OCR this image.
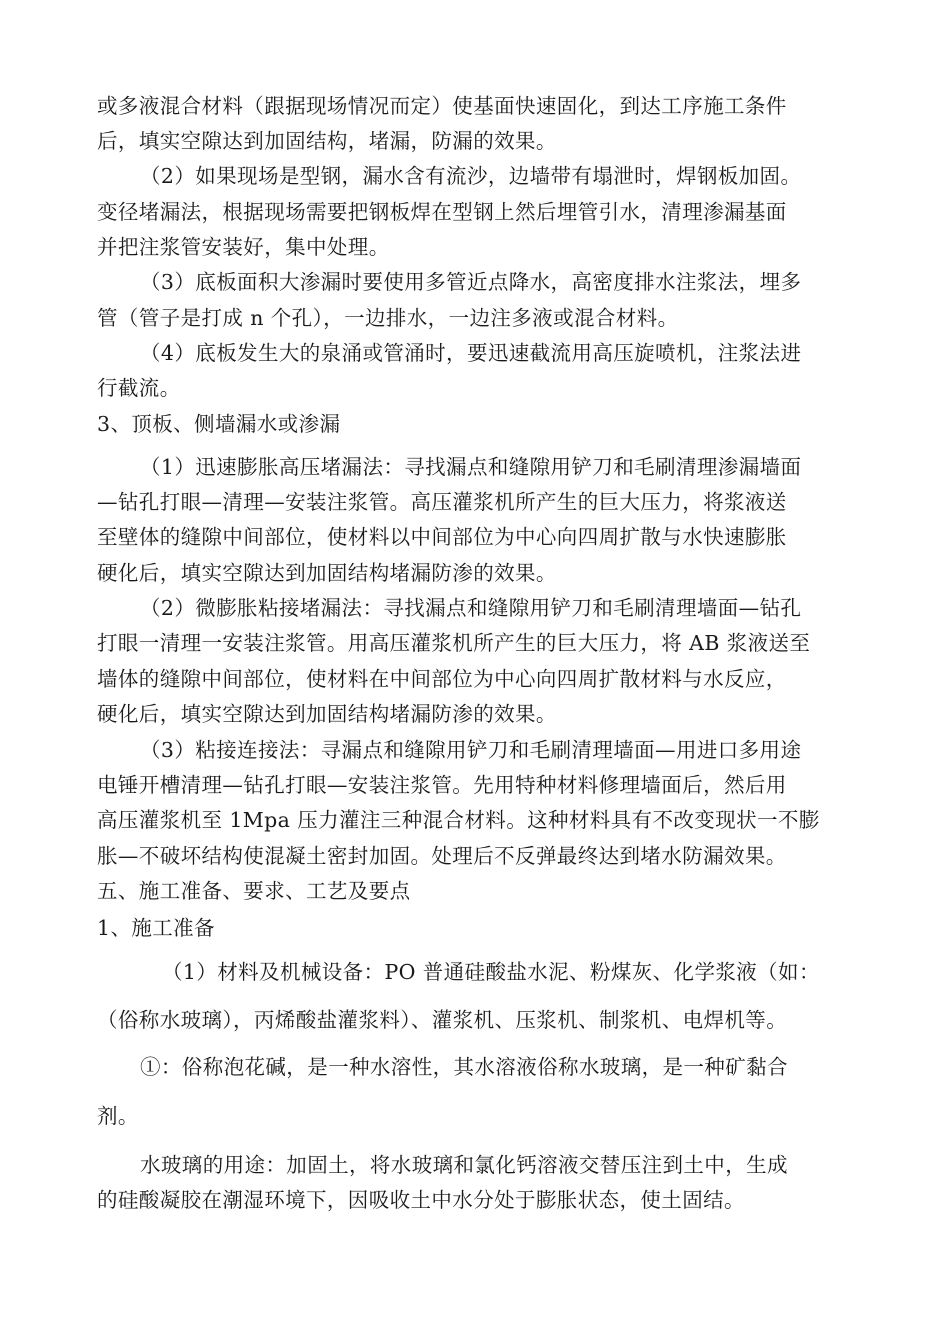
或多液混合材料（跟据现场情况而定）使基面快速固化，到达工序施工条件
后，填实空隙达到加固结构，堵漏，防漏的效果。
（2）如果现场是型钢，漏水含有流沙，边墙带有塌泄时，焊钢板加固。
变径堵漏法，根据现场需要把钢板焊在型钢上然后埋管引水，清理渗漏基面
并把注浆管安装好，集中处理。
（3）底板面积大渗漏时要使用多管近点降水，高密度排水注浆法，埋多
管（管子是打成 n 个孔），一边排水，一边注多液或混合材料。
（4）底板发生大的泉涌或管涌时，要迅速截流用高压旋喷机，注浆法进
行截流。
3、顶板、侧墙漏水或渗漏
（1）迅速膨胀高压堵漏法：寻找漏点和缝隙用铲刀和毛刷清理渗漏墙面
—钻孔打眼—清理—安装注浆管。高压灌浆机所产生的巨大压力，将浆液送
至壁体的缝隙中间部位，使材料以中间部位为中心向四周扩散与水快速膨胀
硬化后，填实空隙达到加固结构堵漏防渗的效果。
（2）微膨胀粘接堵漏法：寻找漏点和缝隙用铲刀和毛刷清理墙面—钻孔
打眼一清理一安装注浆管。用高压灌浆机所产生的巨大压力，将 AB 浆液送至
墙体的缝隙中间部位，使材料在中间部位为中心向四周扩散材料与水反应，
硬化后，填实空隙达到加固结构堵漏防渗的效果。
（3）粘接连接法：寻漏点和缝隙用铲刀和毛刷清理墙面—用进口多用途
电锤开槽清理—钻孔打眼—安装注浆管。先用特种材料修理墙面后，然后用
高压灌浆机至 1Mpa 压力灌注三种混合材料。这种材料具有不改变现状一不膨
胀—不破坏结构使混凝土密封加固。处理后不反弹最终达到堵水防漏效果。
五、施工准备、要求、工艺及要点
1、施工准备
（1）材料及机械设备：PO 普通硅酸盐水泥、粉煤灰、化学浆液（如：
（俗称水玻璃），丙烯酸盐灌浆料）、灌浆机、压浆机、制浆机、电焊机等。
①：俗称泡花碱，是一种水溶性，其水溶液俗称水玻璃，是一种矿黏合
剂。
水玻璃的用途：加固土，将水玻璃和氯化钙溶液交替压注到土中，生成
的硅酸凝胶在潮湿环境下，因吸收土中水分处于膨胀状态，使土固结。
